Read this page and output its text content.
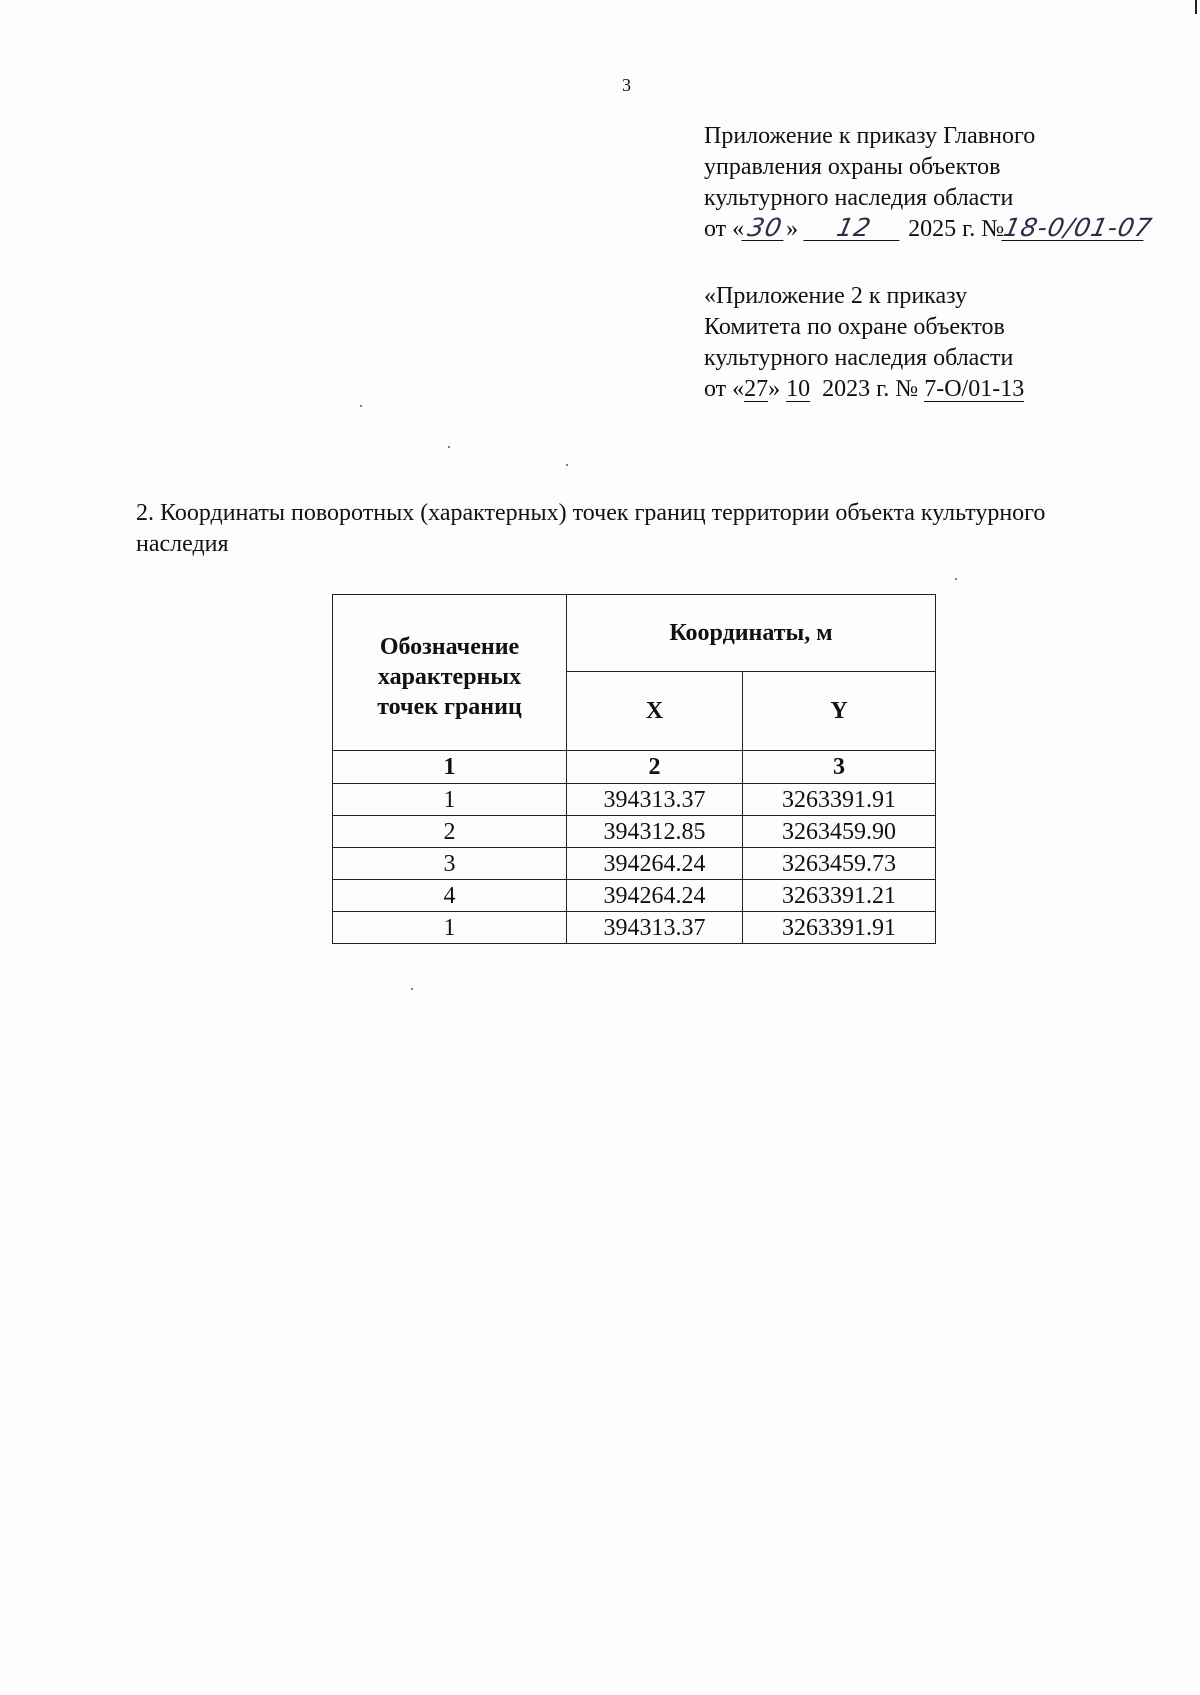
3
Приложение к приказу Главного
управления охраны объектов
культурного наследия области
от «30» 12 2025 г. №18-0/01-07
«Приложение 2 к приказу
Комитета по охране объектов
культурного наследия области
от «27» 10  2023 г. № 7-О/01-13
2. Координаты поворотных (характерных) точек границ территории объекта культурного наследия
Обозначение
характерных
точек границ	Координаты, м	
	X	Y
1	2	3
1	394313.37	3263391.91
2	394312.85	3263459.90
3	394264.24	3263459.73
4	394264.24	3263391.21
1	394313.37	3263391.91
